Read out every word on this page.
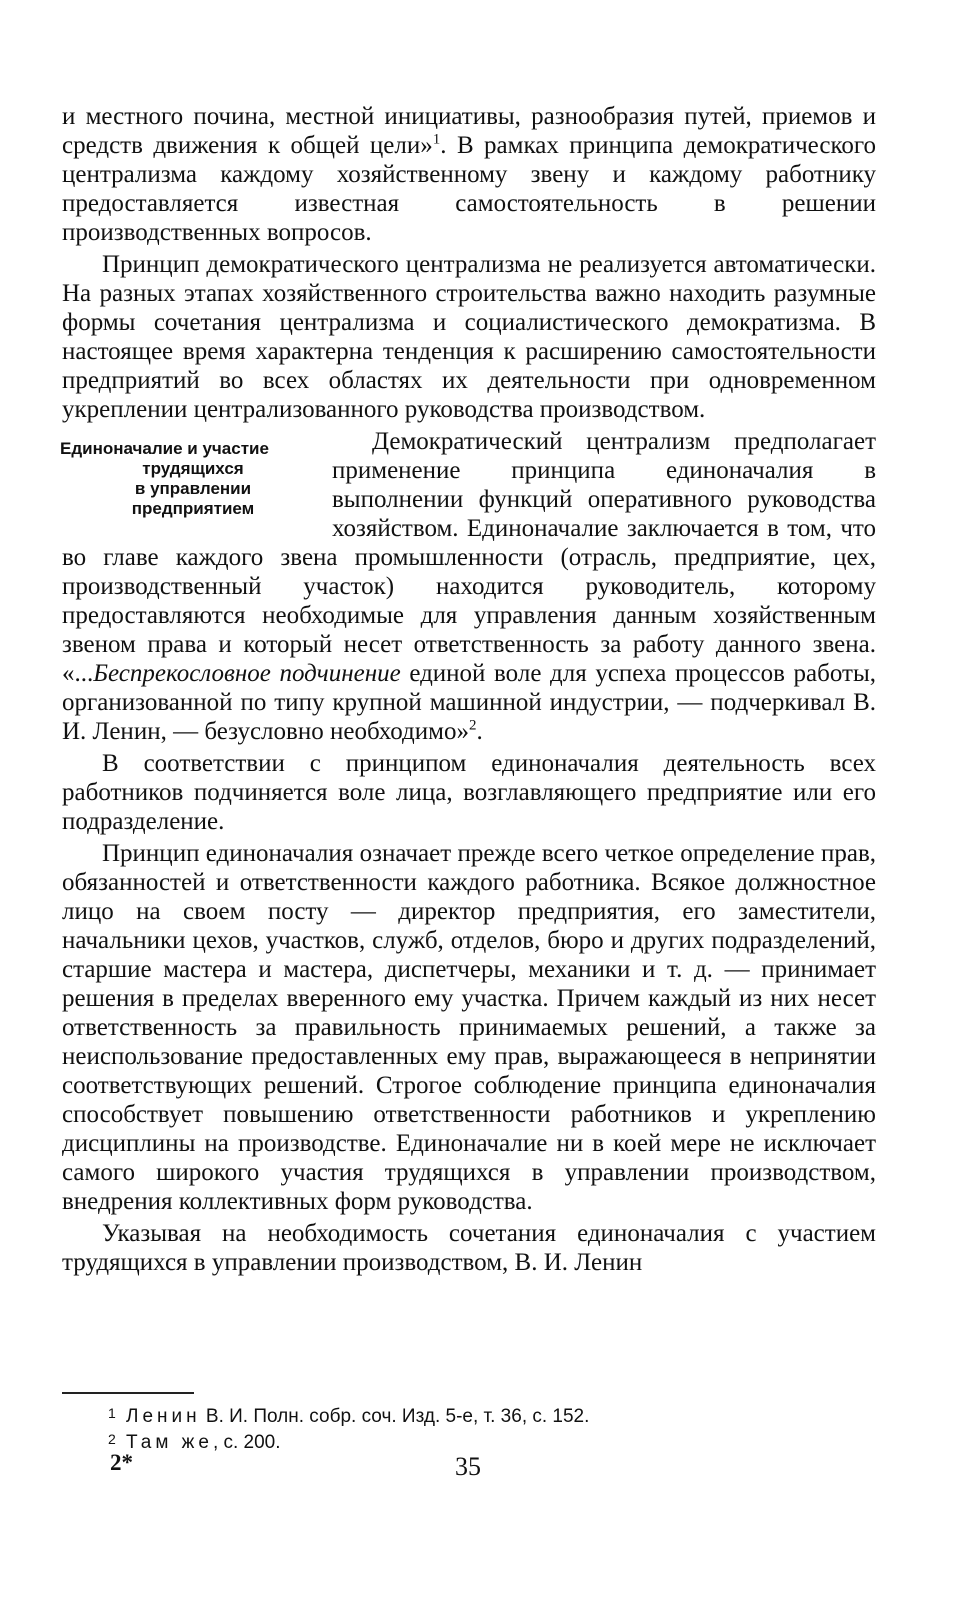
и местного почина, местной инициативы, разнообразия путей, приемов и средств движения к общей цели»$^1$. В рамках принципа демократического централизма каждому хозяйственному звену и каждому работнику предоставляется известная самостоятельность в решении производственных вопросов.

Принцип демократического централизма не реализуется автоматически. На разных этапах хозяйственного строительства важно находить разумные формы сочетания централизма и социалистического демократизма. В настоящее время характерна тенденция к расширению самостоятельности предприятий во всех областях их деятельности при одновременном укреплении централизованного руководства производством.

Единоначалие и участие
трудящихся
в управлении
предприятием
Демократический централизм предполагает применение принципа единоначалия в выполнении функций оперативного руководства хозяйством. Единоначалие заключается в том, что во главе каждого звена промышленности (отрасль, предприятие, цех, производственный участок) находится руководитель, которому предоставляются необходимые для управления данным хозяйственным звеном права и который несет ответственность за работу данного звена. «...Беспрекословное подчинение единой воле для успеха процессов работы, организованной по типу крупной машинной индустрии, — подчеркивал В. И. Ленин, — безусловно необходимо»$^2$.

В соответствии с принципом единоначалия деятельность всех работников подчиняется воле лица, возглавляющего предприятие или его подразделение.

Принцип единоначалия означает прежде всего четкое определение прав, обязанностей и ответственности каждого работника. Всякое должностное лицо на своем посту — директор предприятия, его заместители, начальники цехов, участков, служб, отделов, бюро и других подразделений, старшие мастера и мастера, диспетчеры, механики и т. д. — принимает решения в пределах вверенного ему участка. Причем каждый из них несет ответственность за правильность принимаемых решений, а также за неиспользование предоставленных ему прав, выражающееся в непринятии соответствующих решений. Строгое соблюдение принципа единоначалия способствует повышению ответственности работников и укреплению дисциплины на производстве. Единоначалие ни в коей мере не исключает самого широкого участия трудящихся в управлении производством, внедрения коллективных форм руководства.

Указывая на необходимость сочетания единоначалия с участием трудящихся в управлении производством, В. И. Ленин

1 Ленин В. И. Полн. собр. соч. Изд. 5-е, т. 36, с. 152.
2 Там же, с. 200.
2*	35
